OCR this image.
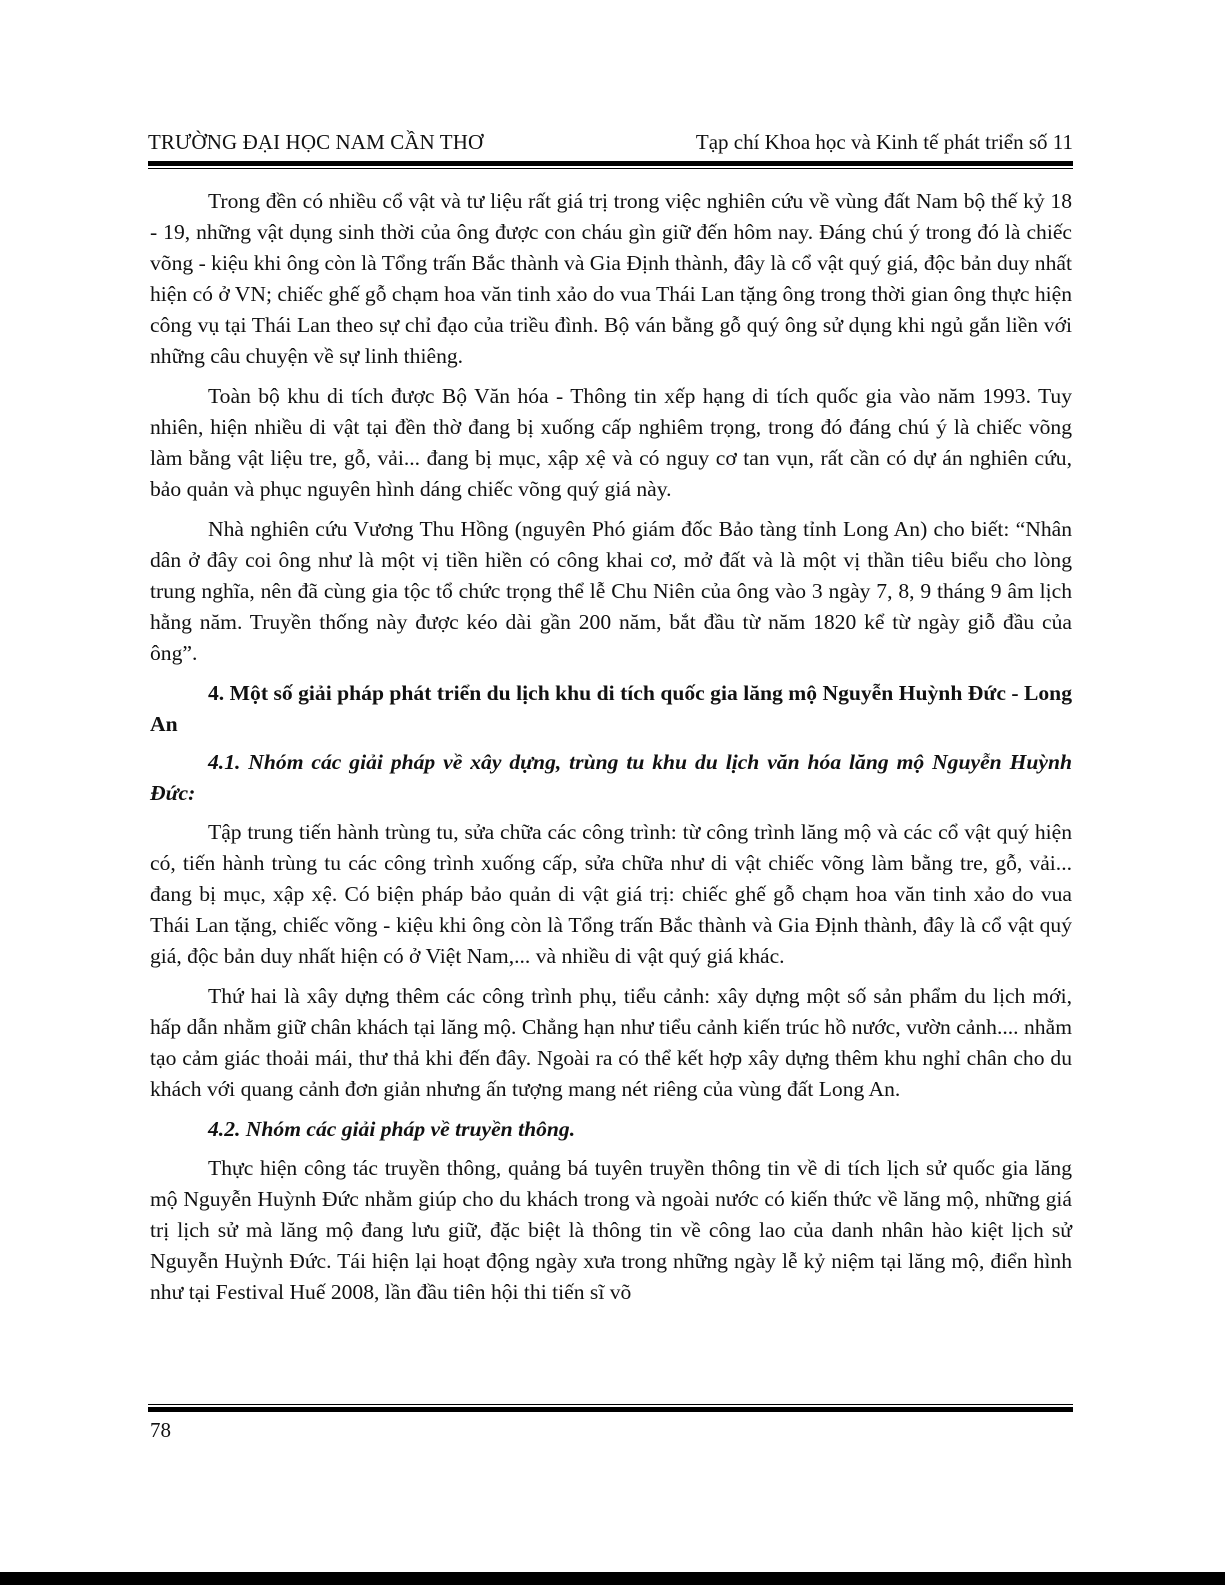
TRƯỜNG ĐẠI HỌC NAM CẦN THƠ	Tạp chí Khoa học và Kinh tế phát triển số 11

Trong đền có nhiều cổ vật và tư liệu rất giá trị trong việc nghiên cứu về vùng đất Nam bộ thế kỷ 18 - 19, những vật dụng sinh thời của ông được con cháu gìn giữ đến hôm nay. Đáng chú ý trong đó là chiếc võng - kiệu khi ông còn là Tổng trấn Bắc thành và Gia Định thành, đây là cổ vật quý giá, độc bản duy nhất hiện có ở VN; chiếc ghế gỗ chạm hoa văn tinh xảo do vua Thái Lan tặng ông trong thời gian ông thực hiện công vụ tại Thái Lan theo sự chỉ đạo của triều đình. Bộ ván bằng gỗ quý ông sử dụng khi ngủ gắn liền với những câu chuyện về sự linh thiêng.

Toàn bộ khu di tích được Bộ Văn hóa - Thông tin xếp hạng di tích quốc gia vào năm 1993. Tuy nhiên, hiện nhiều di vật tại đền thờ đang bị xuống cấp nghiêm trọng, trong đó đáng chú ý là chiếc võng làm bằng vật liệu tre, gỗ, vải... đang bị mục, xập xệ và có nguy cơ tan vụn, rất cần có dự án nghiên cứu, bảo quản và phục nguyên hình dáng chiếc võng quý giá này.

Nhà nghiên cứu Vương Thu Hồng (nguyên Phó giám đốc Bảo tàng tỉnh Long An) cho biết: “Nhân dân ở đây coi ông như là một vị tiền hiền có công khai cơ, mở đất và là một vị thần tiêu biểu cho lòng trung nghĩa, nên đã cùng gia tộc tổ chức trọng thể lễ Chu Niên của ông vào 3 ngày 7, 8, 9 tháng 9 âm lịch hằng năm. Truyền thống này được kéo dài gần 200 năm, bắt đầu từ năm 1820 kể từ ngày giỗ đầu của ông”.

4. Một số giải pháp phát triển du lịch khu di tích quốc gia lăng mộ Nguyễn Huỳnh Đức - Long An

4.1. Nhóm các giải pháp về xây dựng, trùng tu khu du lịch văn hóa lăng mộ Nguyễn Huỳnh Đức:

Tập trung tiến hành trùng tu, sửa chữa các công trình: từ công trình lăng mộ và các cổ vật quý hiện có, tiến hành trùng tu các công trình xuống cấp, sửa chữa như di vật chiếc võng làm bằng tre, gỗ, vải... đang bị mục, xập xệ. Có biện pháp bảo quản di vật giá trị: chiếc ghế gỗ chạm hoa văn tinh xảo do vua Thái Lan tặng, chiếc võng - kiệu khi ông còn là Tổng trấn Bắc thành và Gia Định thành, đây là cổ vật quý giá, độc bản duy nhất hiện có ở Việt Nam,... và nhiều di vật quý giá khác.

Thứ hai là xây dựng thêm các công trình phụ, tiểu cảnh: xây dựng một số sản phẩm du lịch mới, hấp dẫn nhằm giữ chân khách tại lăng mộ. Chẳng hạn như tiểu cảnh kiến trúc hồ nước, vườn cảnh.... nhằm tạo cảm giác thoải mái, thư thả khi đến đây. Ngoài ra có thể kết hợp xây dựng thêm khu nghỉ chân cho du khách với quang cảnh đơn giản nhưng ấn tượng mang nét riêng của vùng đất Long An.

4.2. Nhóm các giải pháp về truyền thông.

Thực hiện công tác truyền thông, quảng bá tuyên truyền thông tin về di tích lịch sử quốc gia lăng mộ Nguyễn Huỳnh Đức nhằm giúp cho du khách trong và ngoài nước có kiến thức về lăng mộ, những giá trị lịch sử mà lăng mộ đang lưu giữ, đặc biệt là thông tin về công lao của danh nhân hào kiệt lịch sử Nguyễn Huỳnh Đức. Tái hiện lại hoạt động ngày xưa trong những ngày lễ kỷ niệm tại lăng mộ, điển hình như tại Festival Huế 2008, lần đầu tiên hội thi tiến sĩ võ

78
